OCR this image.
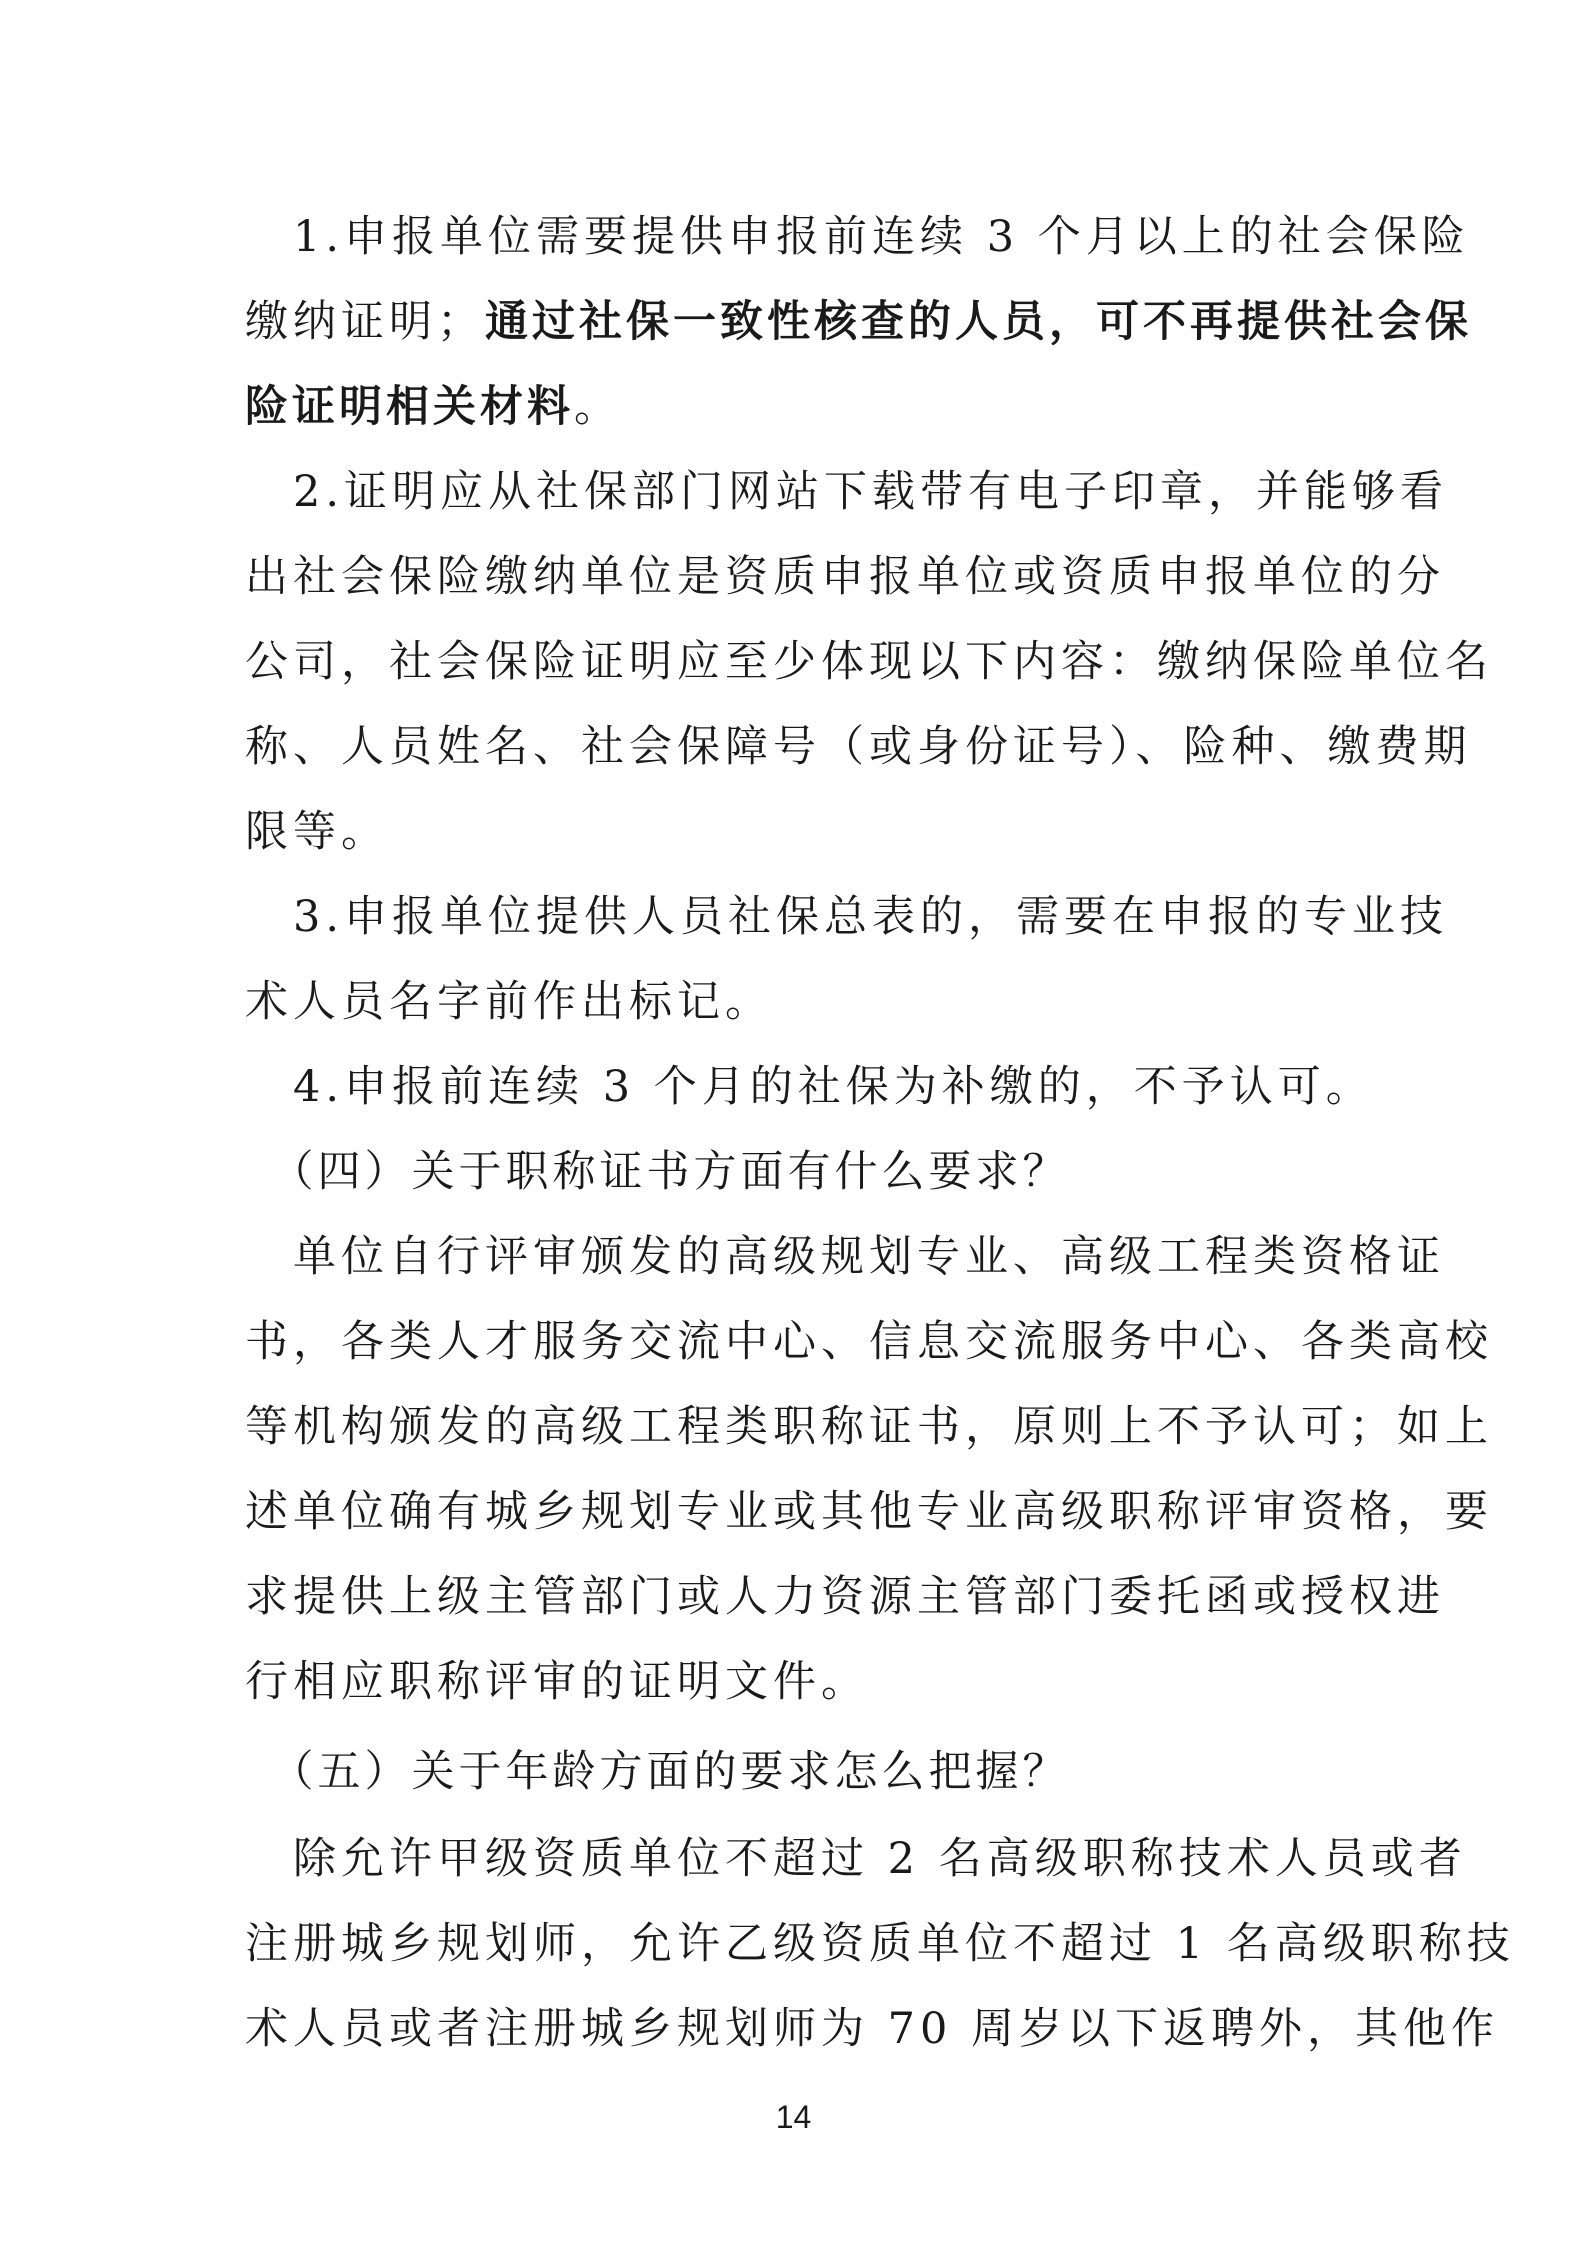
　1.申报单位需要提供申报前连续 3 个月以上的社会保险
缴纳证明；通过社保一致性核查的人员，可不再提供社会保
险证明相关材料。
　2.证明应从社保部门网站下载带有电子印章，并能够看
出社会保险缴纳单位是资质申报单位或资质申报单位的分
公司，社会保险证明应至少体现以下内容：缴纳保险单位名
称、人员姓名、社会保障号（或身份证号）、险种、缴费期
限等。
　3.申报单位提供人员社保总表的，需要在申报的专业技
术人员名字前作出标记。
　4.申报前连续 3 个月的社保为补缴的，不予认可。
　（四）关于职称证书方面有什么要求？
　单位自行评审颁发的高级规划专业、高级工程类资格证
书，各类人才服务交流中心、信息交流服务中心、各类高校
等机构颁发的高级工程类职称证书，原则上不予认可；如上
述单位确有城乡规划专业或其他专业高级职称评审资格，要
求提供上级主管部门或人力资源主管部门委托函或授权进
行相应职称评审的证明文件。
　（五）关于年龄方面的要求怎么把握？
　除允许甲级资质单位不超过 2 名高级职称技术人员或者
注册城乡规划师，允许乙级资质单位不超过 1 名高级职称技
术人员或者注册城乡规划师为 70 周岁以下返聘外，其他作
14
